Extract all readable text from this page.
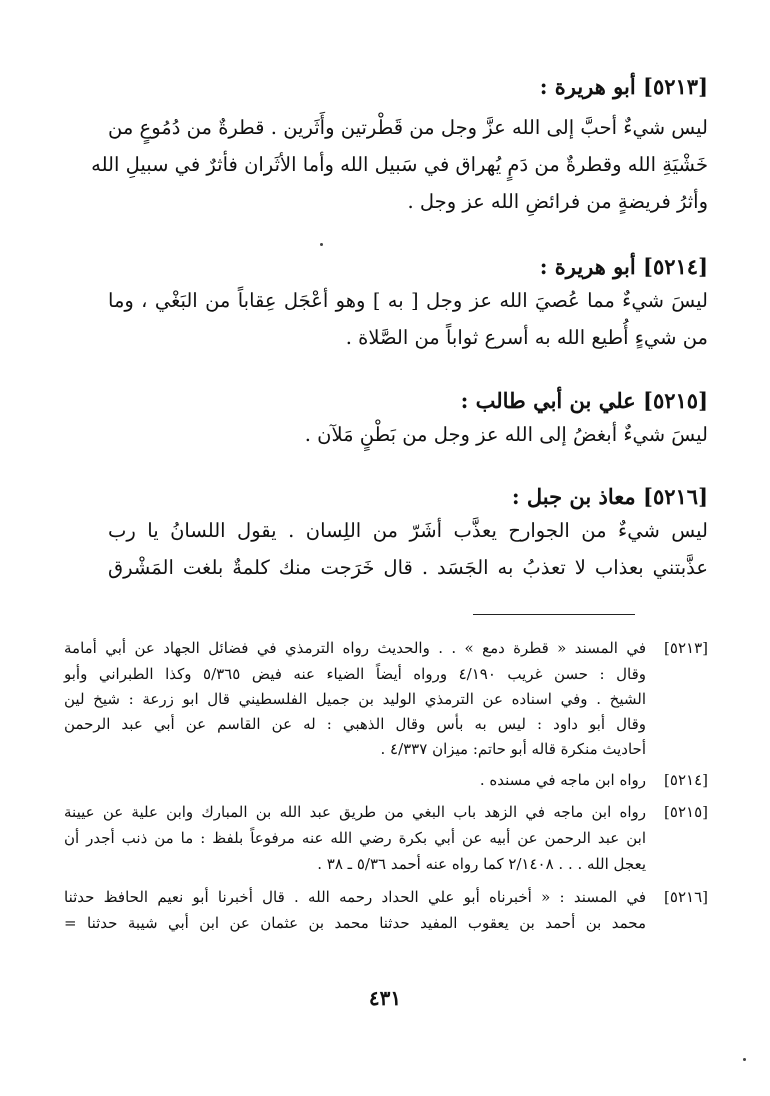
[٥٢١٣] أبو هريرة :
ليس شيءٌ أحبَّ إلى الله عزَّ وجل من قَطْرتين وأَثَرين . قطرةٌ من دُمُوعٍ من
خَشْيَةِ الله وقطرةٌ من دَمٍ يُهراق في سَبيل الله وأما الأثَران فأثرٌ في سبيلِ الله
وأثرُ فريضةٍ من فرائضِ الله عز وجل .
[٥٢١٤] أبو هريرة :
ليسَ شيءٌ مما عُصيَ الله عز وجل [ به ] وهو أعْجَل عِقاباً من البَغْي ، وما
من شيءٍ أُطيع الله به أسرع ثواباً من الصَّلاة .
[٥٢١٥] علي بن أبي طالب :
ليسَ شيءٌ أبغضُ إلى الله عز وجل من بَطْنٍ مَلآن .
[٥٢١٦] معاذ بن جبل :
ليس شيءٌ من الجوارح يعذَّب أشَرّ من اللِسان . يقول اللسانُ يا رب
عذَّبتني بعذاب لا تعذبُ به الجَسَد . قال خَرَجت منك كلمةٌ بلغت المَشْرق
[٥٢١٣]
في المسند « قطرة دمع » . . والحديث رواه الترمذي في فضائل الجهاد عن أبي أمامة
وقال : حسن غريب ٤/١٩٠ ورواه أيضاً الضياء عنه فيض ٥/٣٦٥ وكذا الطبراني وأبو
الشيخ . وفي اسناده عن الترمذي الوليد بن جميل الفلسطيني قال ابو زرعة : شيخ لين
وقال أبو داود : ليس به بأس وقال الذهبي : له عن القاسم عن أبي عبد الرحمن
أحاديث منكرة قاله أبو حاتم: ميزان ٤/٣٣٧ .
[٥٢١٤]
رواه ابن ماجه في مسنده .
[٥٢١٥]
رواه ابن ماجه في الزهد باب البغي من طريق عبد الله بن المبارك وابن علية عن عيينة
ابن عبد الرحمن عن أبيه عن أبي بكرة رضي الله عنه مرفوعاً بلفظ : ما من ذنب أجدر أن
يعجل الله . . . ٢/١٤٠٨ كما رواه عنه أحمد ٥/٣٦ ـ ٣٨ .
[٥٢١٦]
في المسند : « أخبرناه أبو علي الحداد رحمه الله . قال أخبرنا أبو نعيم الحافظ حدثنا
محمد بن أحمد بن يعقوب المفيد حدثنا محمد بن عثمان عن ابن أبي شيبة حدثنا =
٤٣١
